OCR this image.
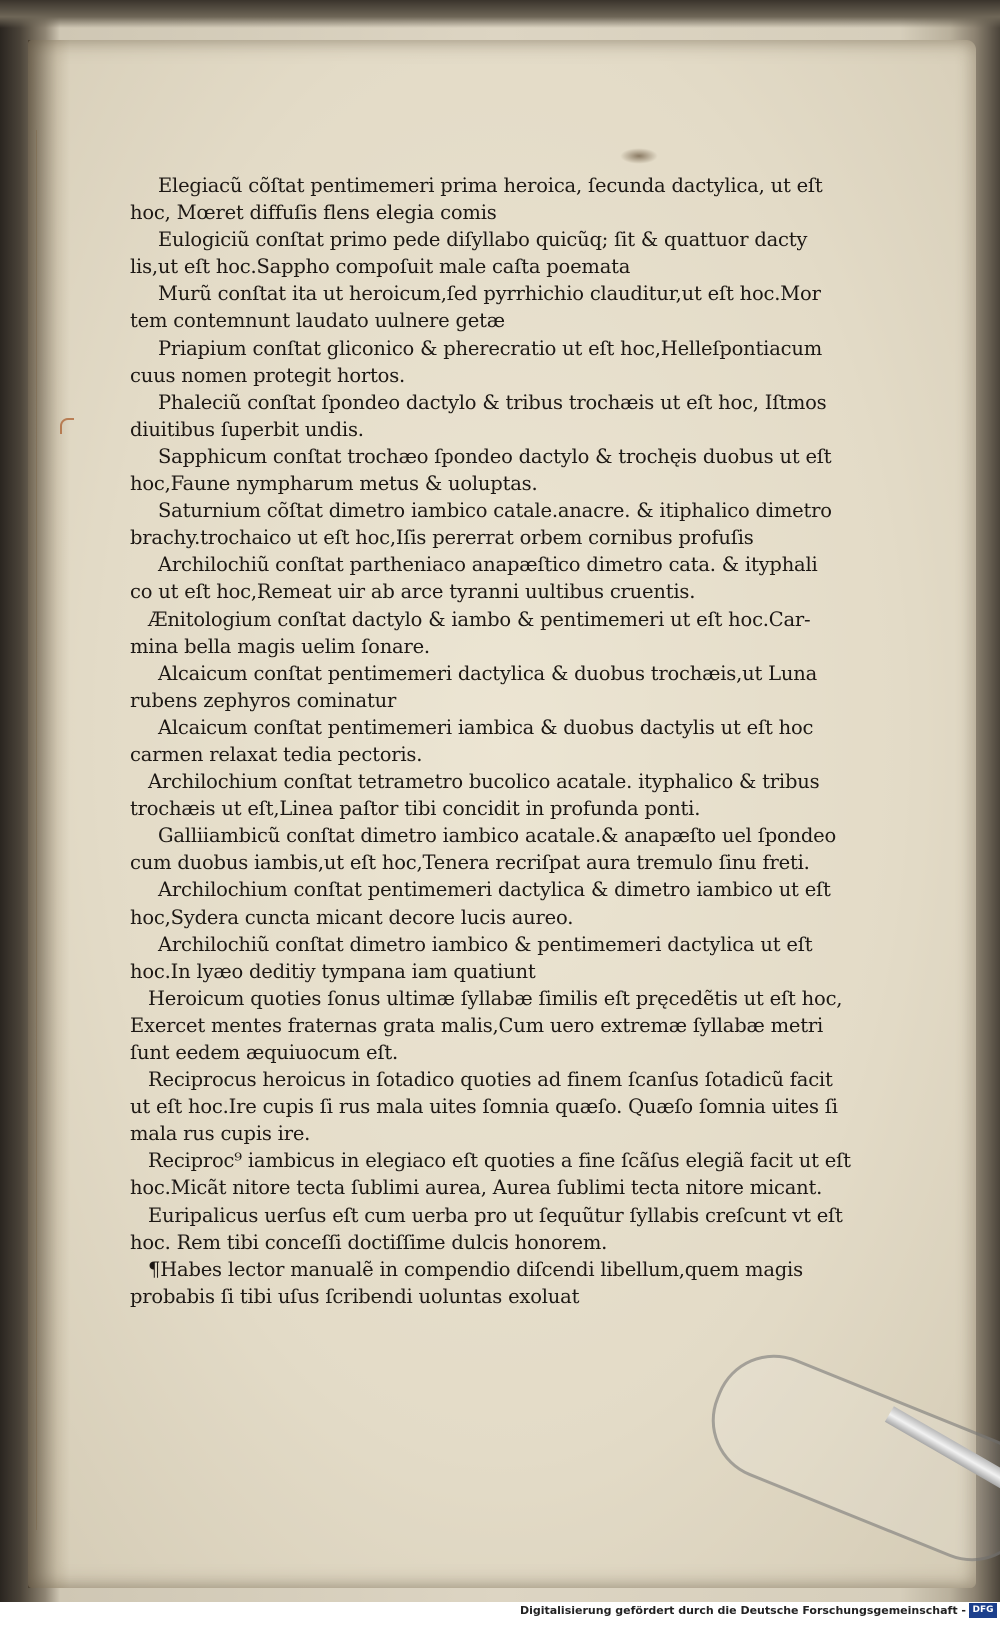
Elegiacũ cõſtat pentimemeri prima heroica, ſecunda dactylica, ut eſt
hoc, Mœret diffuſis flens elegia comis
Eulogiciũ conſtat primo pede diſyllabo quicũq; ſit & quattuor dacty
lis,ut eſt hoc.Sappho compoſuit male caſta poemata
Murũ conſtat ita ut heroicum,ſed pyrrhichio clauditur,ut eſt hoc.Mor
tem contemnunt laudato uulnere getæ
Priapium conſtat gliconico & pherecratio ut eſt hoc,Helleſpontiacum
cuus nomen protegit hortos.
Phaleciũ conſtat ſpondeo dactylo & tribus trochæis ut eſt hoc, Iſtmos
diuitibus ſuperbit undis.
Sapphicum conſtat trochæo ſpondeo dactylo & trochęis duobus ut eſt
hoc,Faune nympharum metus & uoluptas.
Saturnium cõſtat dimetro iambico catale.anacre. & itiphalico dimetro
brachy.trochaico ut eſt hoc,Iſis pererrat orbem cornibus profuſis
Archilochiũ conſtat partheniaco anapæſtico dimetro cata. & ityphali
co ut eſt hoc,Remeat uir ab arce tyranni uultibus cruentis.
Ænitologium conſtat dactylo & iambo & pentimemeri ut eſt hoc.Car-
mina bella magis uelim ſonare.
Alcaicum conſtat pentimemeri dactylica & duobus trochæis,ut Luna
rubens zephyros cominatur
Alcaicum conſtat pentimemeri iambica & duobus dactylis ut eſt hoc
carmen relaxat tedia pectoris.
Archilochium conſtat tetrametro bucolico acatale. ityphalico & tribus
trochæis ut eſt,Linea paſtor tibi concidit in profunda ponti.
Galliiambicũ conſtat dimetro iambico acatale.& anapæſto uel ſpondeo
cum duobus iambis,ut eſt hoc,Tenera recriſpat aura tremulo ſinu freti.
Archilochium conſtat pentimemeri dactylica & dimetro iambico ut eſt
hoc,Sydera cuncta micant decore lucis aureo.
Archilochiũ conſtat dimetro iambico & pentimemeri dactylica ut eſt
hoc.In lyæo deditiy tympana iam quatiunt
Heroicum quoties ſonus ultimæ ſyllabæ ſimilis eſt pręcedẽtis ut eſt hoc,
Exercet mentes fraternas grata malis,Cum uero extremæ ſyllabæ metri
ſunt eedem æquiuocum eſt.
Reciprocus heroicus in ſotadico quoties ad finem ſcanſus ſotadicũ facit
ut eſt hoc.Ire cupis ſi rus mala uites ſomnia quæſo. Quæſo ſomnia uites ſi
mala rus cupis ire.
Reciproc⁹ iambicus in elegiaco eſt quoties a fine ſcãſus elegiã facit ut eſt
hoc.Micãt nitore tecta ſublimi aurea, Aurea ſublimi tecta nitore micant.
Euripalicus uerſus eſt cum uerba pro ut ſequũtur ſyllabis creſcunt vt eſt
hoc. Rem tibi conceſſi doctiſſime dulcis honorem.
¶Habes lector manualẽ in compendio diſcendi libellum,quem magis
probabis ſi tibi uſus ſcribendi uoluntas exoluat
Digitalisierung gefördert durch die Deutsche Forschungsgemeinschaft - DFG
